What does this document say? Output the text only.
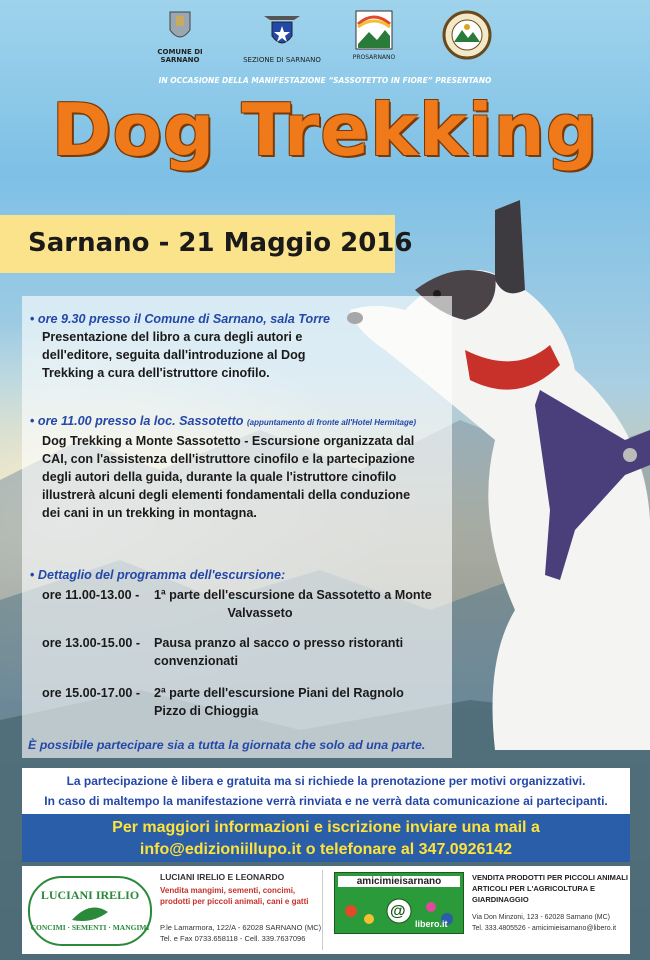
COMUNE DI
SARNANO	SEZIONE DI SARNANO	PROSARNANO
IN OCCASIONE DELLA MANIFESTAZIONE “SASSOTETTO IN FIORE” PRESENTANO
Dog Trekking
Sarnano - 21 Maggio 2016
• ore 9.30 presso il Comune di Sarnano, sala Torre
Presentazione del libro a cura degli autori e
dell'editore, seguita dall'introduzione al Dog
Trekking a cura dell'istruttore cinofilo.
• ore 11.00 presso la loc. Sassotetto (appuntamento di fronte all'Hotel Hermitage)
Dog Trekking a Monte Sassotetto - Escursione organizzata dal
CAI, con l'assistenza dell'istruttore cinofilo e la partecipazione
degli autori della guida, durante la quale l'istruttore cinofilo
illustrerà alcuni degli elementi fondamentali della conduzione
dei cani in un trekking in montagna.
• Dettaglio del programma dell'escursione:
ore 11.00-13.00 -	1ª parte dell'escursione da Sassotetto a Monte
Valvasseto
ore 13.00-15.00 -	Pausa pranzo al sacco o presso ristoranti
convenzionati
ore 15.00-17.00 -	2ª parte dell'escursione Piani del Ragnolo
Pizzo di Chioggia
È possibile partecipare sia a tutta la giornata che solo ad una parte.
La partecipazione è libera e gratuita ma si richiede la prenotazione per motivi organizzativi.
In caso di maltempo la manifestazione verrà rinviata e ne verrà data comunicazione ai partecipanti.
Per maggiori informazioni e iscrizione inviare una mail a
info@edizioniillupo.it o telefonare al 347.0926142
LUCIANI IRELIO
CONCIMI · SEMENTI · MANGIMI
LUCIANI IRELIO E LEONARDO
Vendita mangimi, sementi, concimi,
prodotti per piccoli animali, cani e gatti
P.le Lamarmora, 122/A - 62028 SARNANO (MC)
Tel. e Fax 0733.658118 - Cell. 339.7637096
amicimieisarnano
@
libero.it
VENDITA PRODOTTI PER PICCOLI ANIMALI
ARTICOLI PER L'AGRICOLTURA E GIARDINAGGIO
Via Don Minzoni, 123 - 62028 Sarnano (MC)
Tel. 333.4805526 - amicimieisarnano@libero.it
